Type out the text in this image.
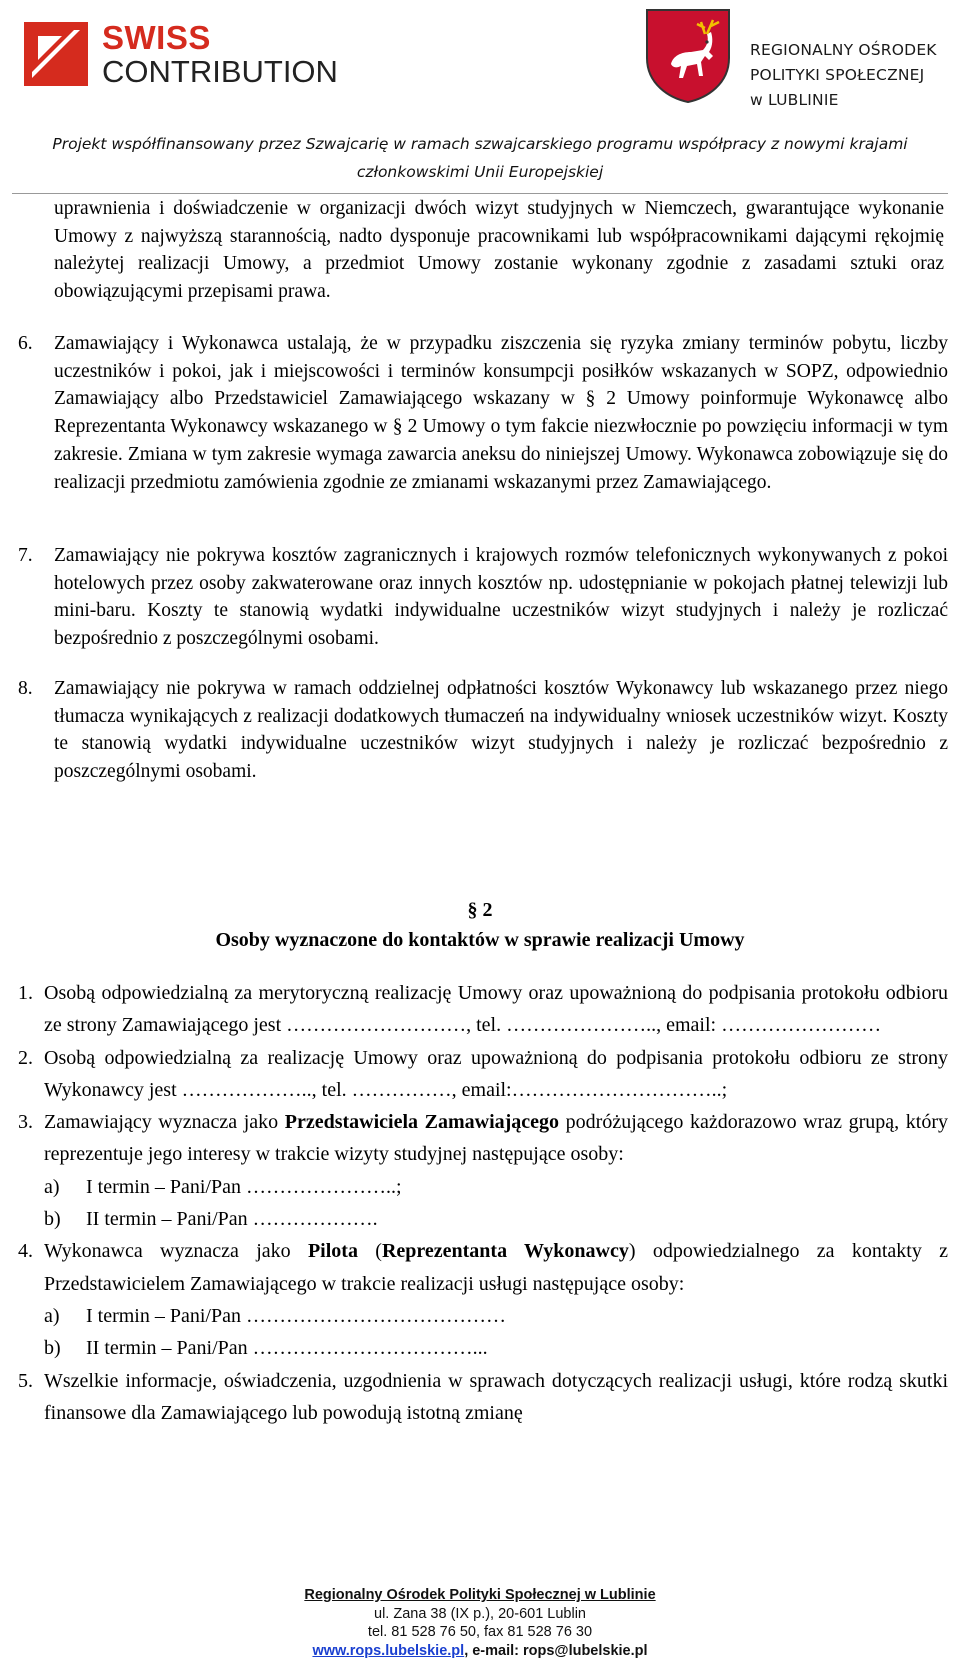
SWISS
CONTRIBUTION
REGIONALNY OŚRODEK
POLITYKI SPOŁECZNEJ
w LUBLINIE
Projekt współfinansowany przez Szwajcarię w ramach szwajcarskiego programu współpracy z nowymi krajami
członkowskimi Unii Europejskiej
uprawnienia i doświadczenie w organizacji dwóch wizyt studyjnych w Niemczech, gwarantujące wykonanie Umowy z najwyższą starannością, nadto dysponuje pracownikami lub współpracownikami dającymi rękojmię należytej realizacji Umowy, a przedmiot Umowy zostanie wykonany zgodnie z zasadami sztuki oraz obowiązującymi przepisami prawa.
6.	Zamawiający i Wykonawca ustalają, że w przypadku ziszczenia się ryzyka zmiany terminów pobytu, liczby uczestników i pokoi, jak i miejscowości i terminów konsumpcji posiłków wskazanych w SOPZ, odpowiednio Zamawiający albo Przedstawiciel Zamawiającego wskazany w § 2 Umowy poinformuje Wykonawcę albo Reprezentanta Wykonawcy wskazanego w § 2 Umowy o tym fakcie niezwłocznie po powzięciu informacji w tym zakresie. Zmiana w tym zakresie wymaga zawarcia aneksu do niniejszej Umowy. Wykonawca zobowiązuje się do realizacji przedmiotu zamówienia zgodnie ze zmianami wskazanymi przez Zamawiającego.
7.	Zamawiający nie pokrywa kosztów zagranicznych i krajowych rozmów telefonicznych wykonywanych z pokoi hotelowych przez osoby zakwaterowane oraz innych kosztów np. udostępnianie w pokojach płatnej telewizji lub mini-baru. Koszty te stanowią wydatki indywidualne uczestników wizyt studyjnych i należy je rozliczać bezpośrednio z poszczególnymi osobami.
8.	Zamawiający nie pokrywa w ramach oddzielnej odpłatności kosztów Wykonawcy lub wskazanego przez niego tłumacza wynikających z realizacji dodatkowych tłumaczeń na indywidualny wniosek uczestników wizyt. Koszty te stanowią wydatki indywidualne uczestników wizyt studyjnych i należy je rozliczać bezpośrednio z poszczególnymi osobami.
§ 2
Osoby wyznaczone do kontaktów w sprawie realizacji Umowy
1. Osobą odpowiedzialną za merytoryczną realizację Umowy oraz upoważnioną do podpisania protokołu odbioru ze strony Zamawiającego jest ………………………, tel. ………………….., email: ……………………
2. Osobą odpowiedzialną za realizację Umowy oraz upoważnioną do podpisania protokołu odbioru ze strony Wykonawcy jest ……………….., tel. ……………, email:…………………………..;
3. Zamawiający wyznacza jako Przedstawiciela Zamawiającego podróżującego każdorazowo wraz grupą, który reprezentuje jego interesy w trakcie wizyty studyjnej następujące osoby:
a) I termin – Pani/Pan …………………..;
b) II termin – Pani/Pan ……………….
4. Wykonawca wyznacza jako Pilota (Reprezentanta Wykonawcy) odpowiedzialnego za kontakty z Przedstawicielem Zamawiającego w trakcie realizacji usługi następujące osoby:
a) I termin – Pani/Pan …………………………………
b) II termin – Pani/Pan ……………………………...
5. Wszelkie informacje, oświadczenia, uzgodnienia w sprawach dotyczących realizacji usługi, które rodzą skutki finansowe dla Zamawiającego lub powodują istotną zmianę
Regionalny Ośrodek Polityki Społecznej w Lublinie
ul. Zana 38 (IX p.), 20-601 Lublin
tel. 81 528 76 50, fax 81 528 76 30
www.rops.lubelskie.pl, e-mail: rops@lubelskie.pl
